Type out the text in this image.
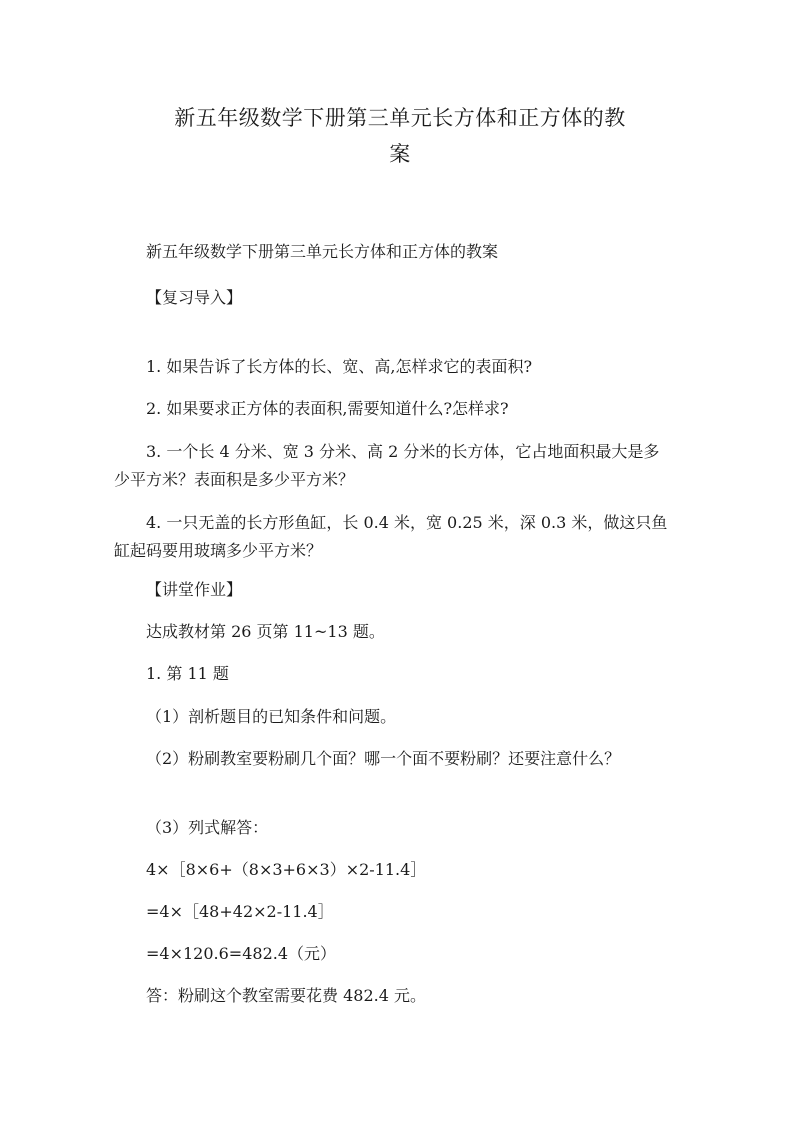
新五年级数学下册第三单元长方体和正方体的教
案
新五年级数学下册第三单元长方体和正方体的教案
【复习导入】
1. 如果告诉了长方体的长、宽、高,怎样求它的表面积?
2. 如果要求正方体的表面积,需要知道什么?怎样求?
3. 一个长 4 分米、宽 3 分米、高 2 分米的长方体，它占地面积最大是多少平方米？表面积是多少平方米？
4. 一只无盖的长方形鱼缸，长 0.4 米，宽 0.25 米，深 0.3 米，做这只鱼缸起码要用玻璃多少平方米？
【讲堂作业】
达成教材第 26 页第 11~13 题。
1. 第 11 题
（1）剖析题目的已知条件和问题。
（2）粉刷教室要粉刷几个面？哪一个面不要粉刷？还要注意什么？
（3）列式解答：
4×［8×6+（8×3+6×3）×2-11.4］
=4×［48+42×2-11.4］
=4×120.6=482.4（元）
答：粉刷这个教室需要花费 482.4 元。
